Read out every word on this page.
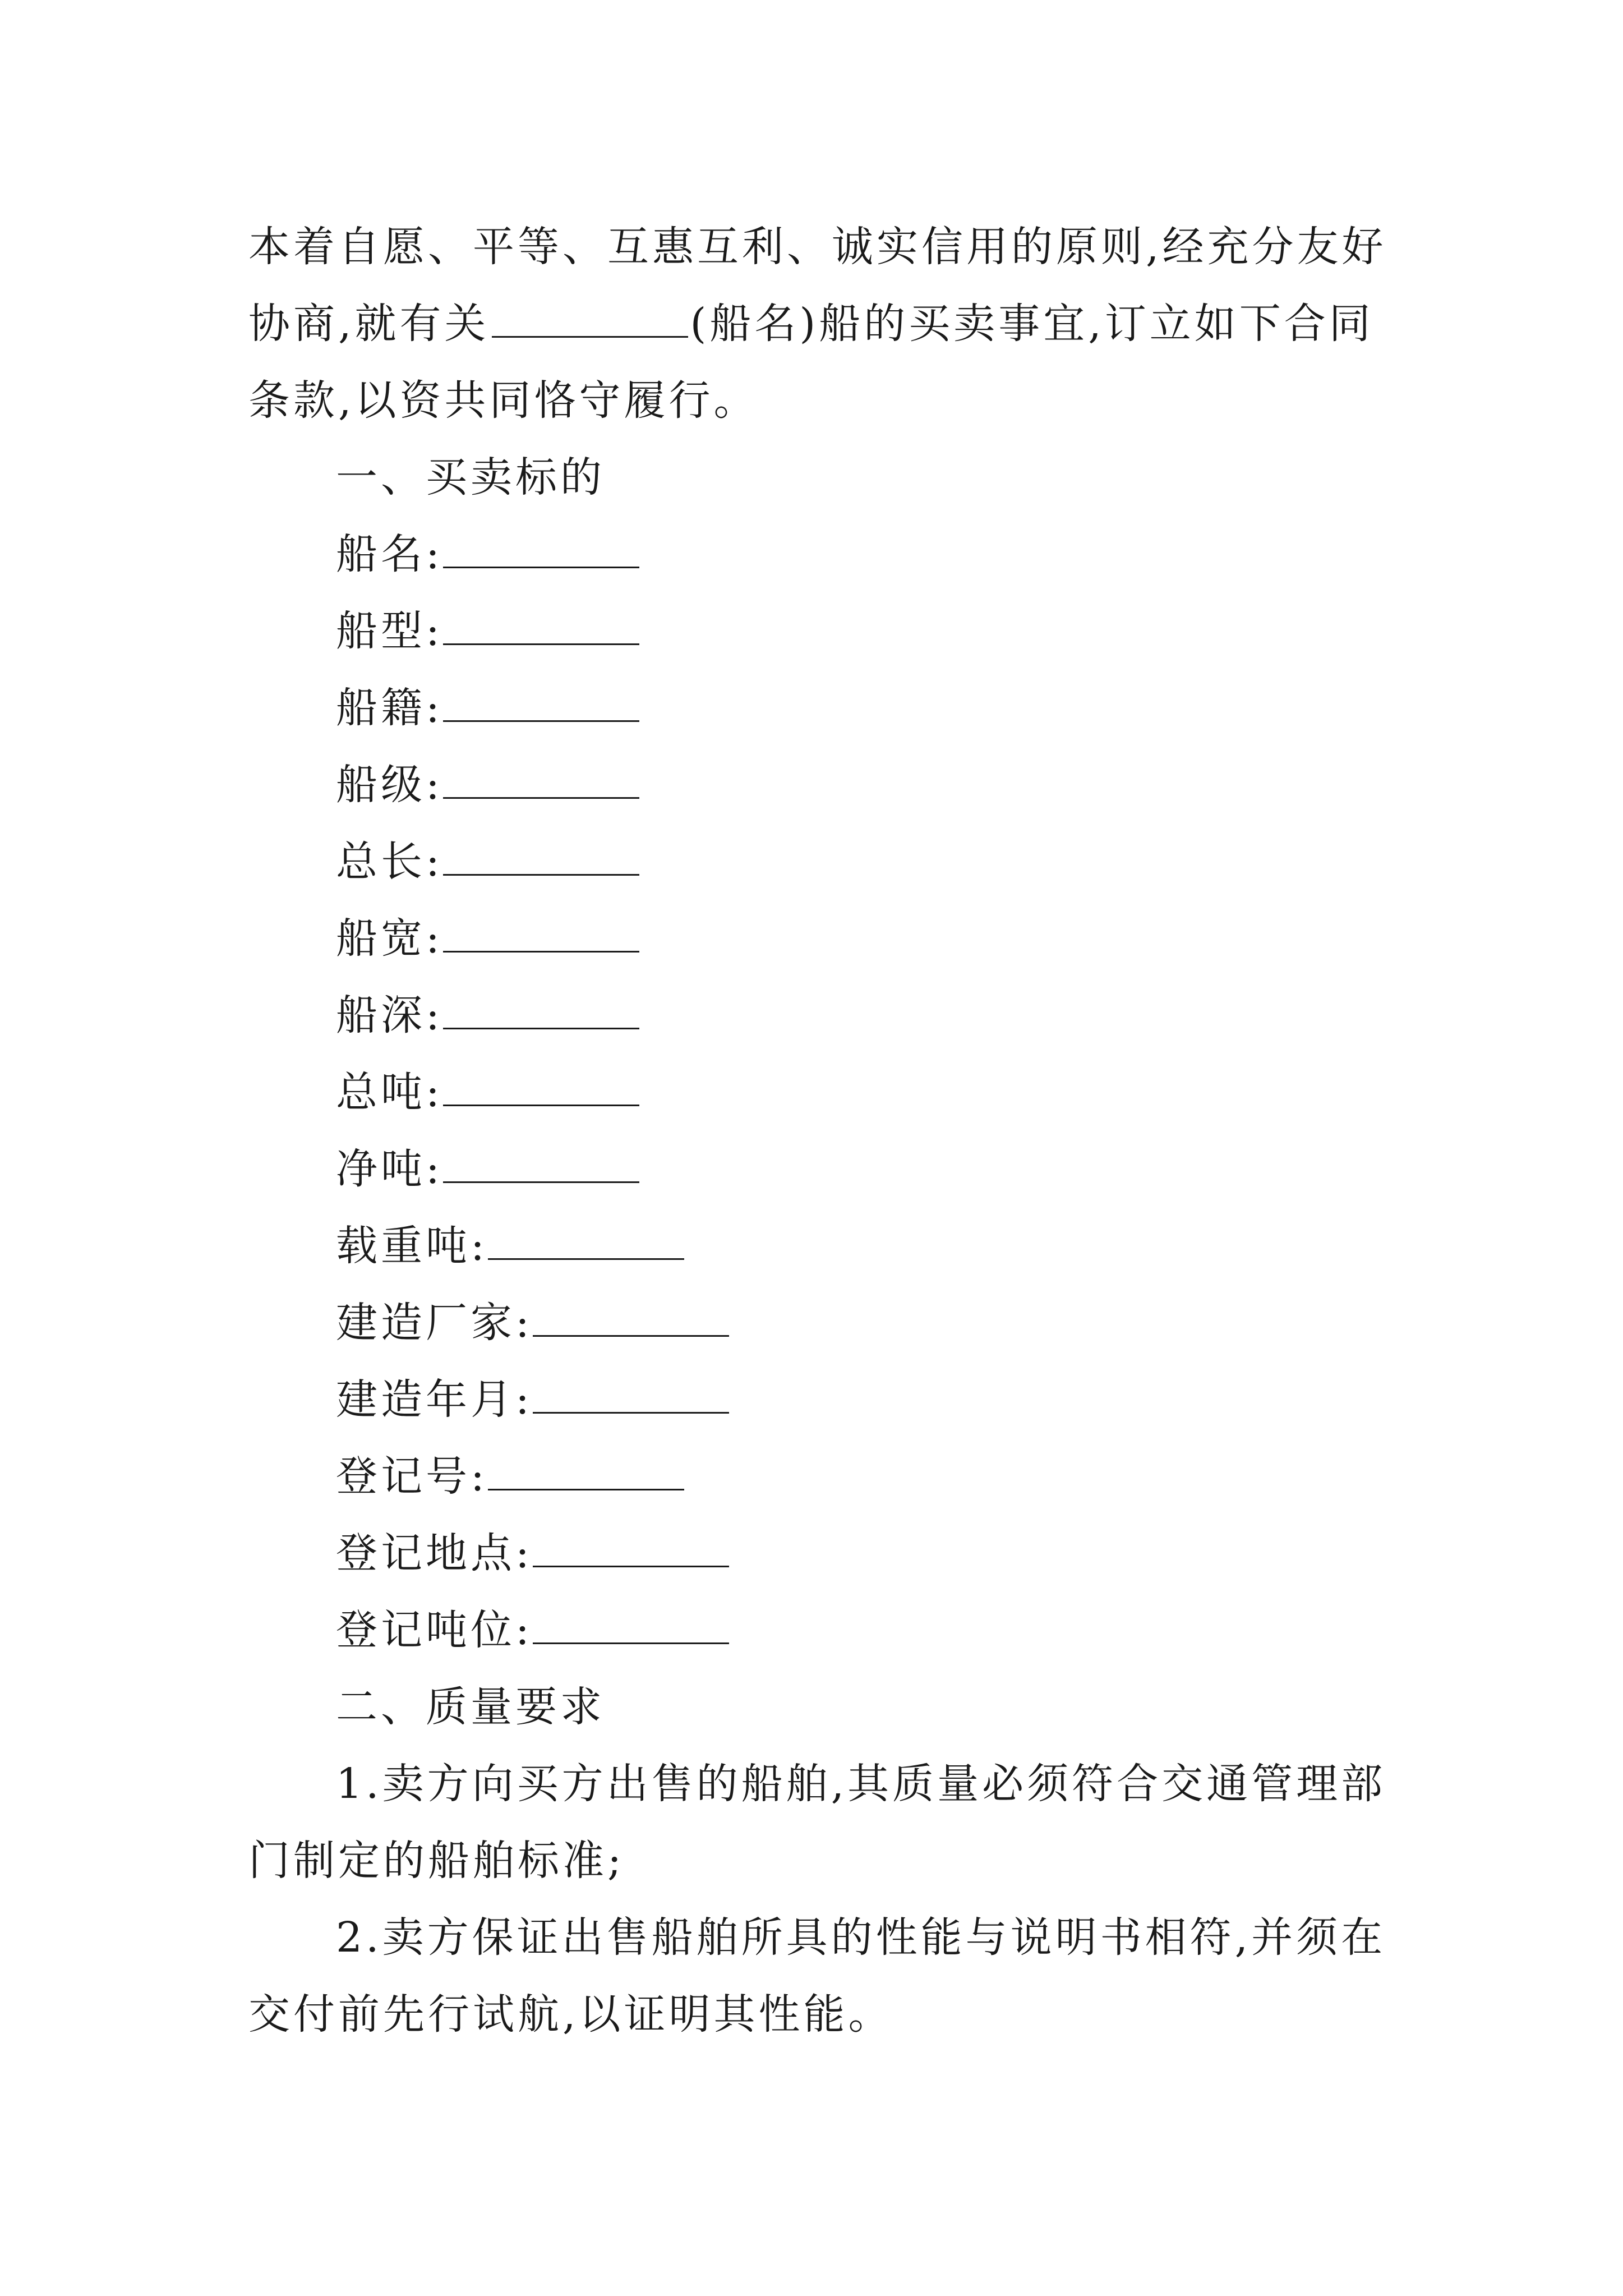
本着自愿、平等、互惠互利、诚实信用的原则,经充分友好
协商,就有关	(船名)船的买卖事宜,订立如下合同
条款,以资共同恪守履行。
一、买卖标的
船名:
船型:
船籍:
船级:
总长:
船宽:
船深:
总吨:
净吨:
载重吨:
建造厂家:
建造年月:
登记号:
登记地点:
登记吨位:
二、质量要求
1.卖方向买方出售的船舶,其质量必须符合交通管理部
门制定的船舶标准;
2.卖方保证出售船舶所具的性能与说明书相符,并须在
交付前先行试航,以证明其性能。
